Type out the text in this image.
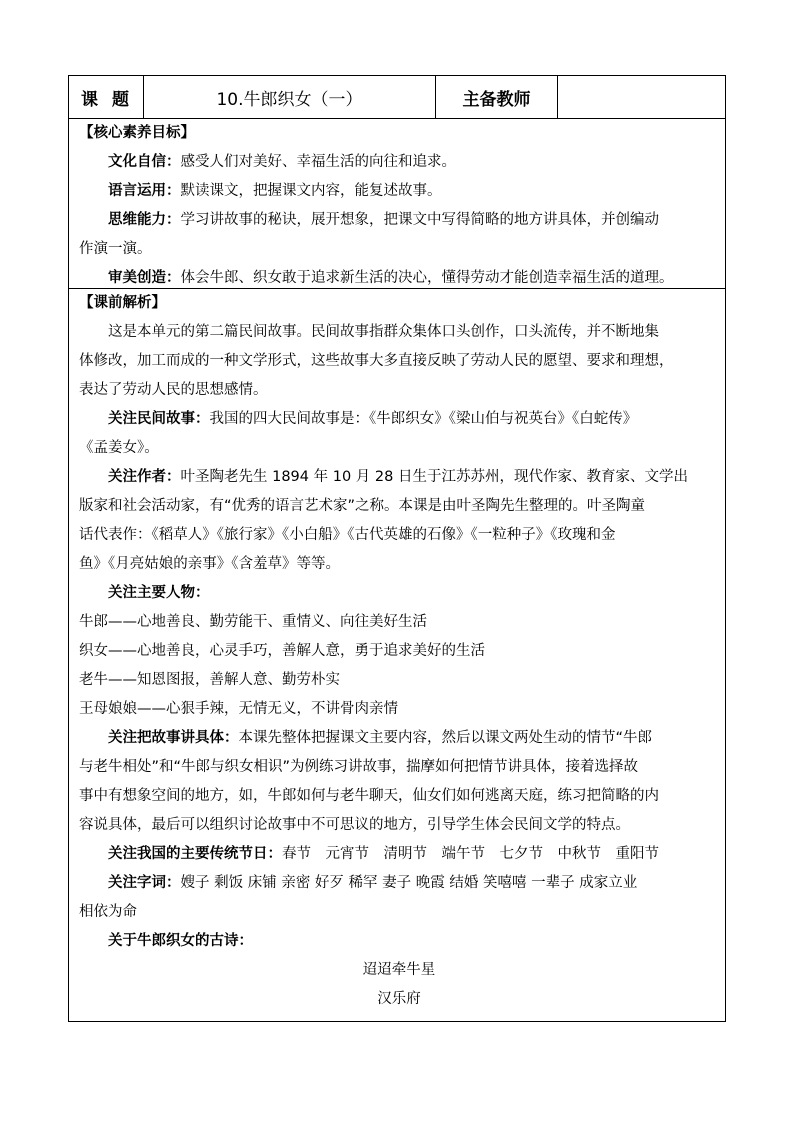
课题	10.牛郎织女（一）	主备教师
【核心素养目标】
文化自信：感受人们对美好、幸福生活的向往和追求。
语言运用：默读课文，把握课文内容，能复述故事。
思维能力：学习讲故事的秘诀，展开想象，把课文中写得简略的地方讲具体，并创编动
作演一演。
审美创造：体会牛郎、织女敢于追求新生活的决心，懂得劳动才能创造幸福生活的道理。
【课前解析】
这是本单元的第二篇民间故事。民间故事指群众集体口头创作，口头流传，并不断地集
体修改，加工而成的一种文学形式，这些故事大多直接反映了劳动人民的愿望、要求和理想，
表达了劳动人民的思想感情。
关注民间故事：我国的四大民间故事是：《牛郎织女》《梁山伯与祝英台》《白蛇传》
《孟姜女》。
关注作者：叶圣陶老先生 1894 年 10 月 28 日生于江苏苏州，现代作家、教育家、文学出
版家和社会活动家，有“优秀的语言艺术家”之称。本课是由叶圣陶先生整理的。叶圣陶童
话代表作：《稻草人》《旅行家》《小白船》《古代英雄的石像》《一粒种子》《玫瑰和金
鱼》《月亮姑娘的亲事》《含羞草》等等。
关注主要人物：
牛郎——心地善良、勤劳能干、重情义、向往美好生活
织女——心地善良，心灵手巧，善解人意，勇于追求美好的生活
老牛——知恩图报，善解人意、勤劳朴实
王母娘娘——心狠手辣，无情无义，不讲骨肉亲情
关注把故事讲具体：本课先整体把握课文主要内容，然后以课文两处生动的情节“牛郎
与老牛相处”和“牛郎与织女相识”为例练习讲故事，揣摩如何把情节讲具体，接着选择故
事中有想象空间的地方，如，牛郎如何与老牛聊天，仙女们如何逃离天庭，练习把简略的内
容说具体，最后可以组织讨论故事中不可思议的地方，引导学生体会民间文学的特点。
关注我国的主要传统节日：春节　元宵节　清明节　端午节　七夕节　中秋节　重阳节
关注字词：嫂子 剩饭 床铺 亲密 好歹 稀罕 妻子 晚霞 结婚 笑嘻嘻 一辈子 成家立业
相依为命
关于牛郎织女的古诗：
迢迢牵牛星
汉乐府
